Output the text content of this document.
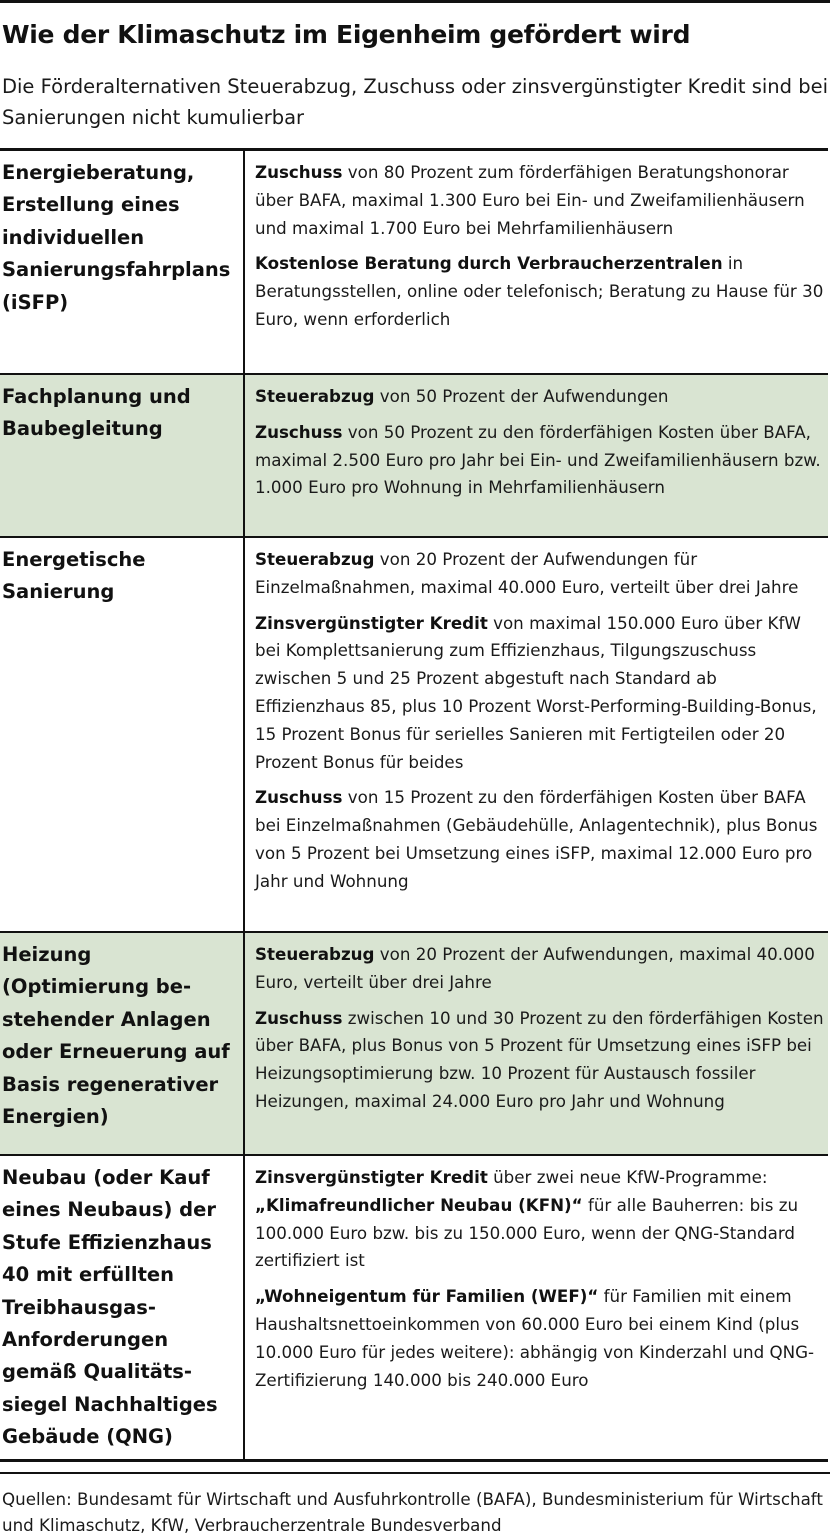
Wie der Klimaschutz im Eigenheim gefördert wird

Die Förderalternativen Steuerabzug, Zuschuss oder zinsvergünstigter Kredit sind bei Sanierungen nicht kumulierbar

Energieberatung, Erstellung eines individuellen Sanierungsfahrplans (iSFP)

Zuschuss von 80 Prozent zum förderfähigen Beratungshonorar über BAFA, maximal 1.300 Euro bei Ein- und Zweifamilienhäusern und maximal 1.700 Euro bei Mehrfamilienhäusern

Kostenlose Beratung durch Verbraucherzentralen in Beratungsstellen, online oder telefonisch; Beratung zu Hause für 30 Euro, wenn erforderlich

Fachplanung und Baubegleitung

Steuerabzug von 50 Prozent der Aufwendungen

Zuschuss von 50 Prozent zu den förderfähigen Kosten über BAFA, maximal 2.500 Euro pro Jahr bei Ein- und Zweifamilienhäusern bzw. 1.000 Euro pro Wohnung in Mehrfamilienhäusern

Energetische Sanierung

Steuerabzug von 20 Prozent der Aufwendungen für Einzelmaßnahmen, maximal 40.000 Euro, verteilt über drei Jahre

Zinsvergünstigter Kredit von maximal 150.000 Euro über KfW bei Komplettsanierung zum Effizienzhaus, Tilgungszuschuss zwischen 5 und 25 Prozent abgestuft nach Standard ab Effizienzhaus 85, plus 10 Prozent Worst-Performing-Building-Bonus, 15 Prozent Bonus für serielles Sanieren mit Fertigteilen oder 20 Prozent Bonus für beides

Zuschuss von 15 Prozent zu den förderfähigen Kosten über BAFA bei Einzelmaßnahmen (Gebäudehülle, Anlagentechnik), plus Bonus von 5 Prozent bei Umsetzung eines iSFP, maximal 12.000 Euro pro Jahr und Wohnung

Heizung (Optimierung bestehender Anlagen oder Erneuerung auf Basis regenerativer Energien)

Steuerabzug von 20 Prozent der Aufwendungen, maximal 40.000 Euro, verteilt über drei Jahre

Zuschuss zwischen 10 und 30 Prozent zu den förderfähigen Kosten über BAFA, plus Bonus von 5 Prozent für Umsetzung eines iSFP bei Heizungsoptimierung bzw. 10 Prozent für Austausch fossiler Heizungen, maximal 24.000 Euro pro Jahr und Wohnung

Neubau (oder Kauf eines Neubaus) der Stufe Effizienzhaus 40 mit erfüllten Treibhausgas-Anforderungen gemäß Qualitätssiegel Nachhaltiges Gebäude (QNG)

Zinsvergünstigter Kredit über zwei neue KfW-Programme:
„Klimafreundlicher Neubau (KFN)“ für alle Bauherren: bis zu 100.000 Euro bzw. bis zu 150.000 Euro, wenn der QNG-Standard zertifiziert ist

„Wohneigentum für Familien (WEF)“ für Familien mit einem Haushaltsnettoeinkommen von 60.000 Euro bei einem Kind (plus 10.000 Euro für jedes weitere): abhängig von Kinderzahl und QNG-Zertifizierung 140.000 bis 240.000 Euro

Quellen: Bundesamt für Wirtschaft und Ausfuhrkontrolle (BAFA), Bundesministerium für Wirtschaft und Klimaschutz, KfW, Verbraucherzentrale Bundesverband
